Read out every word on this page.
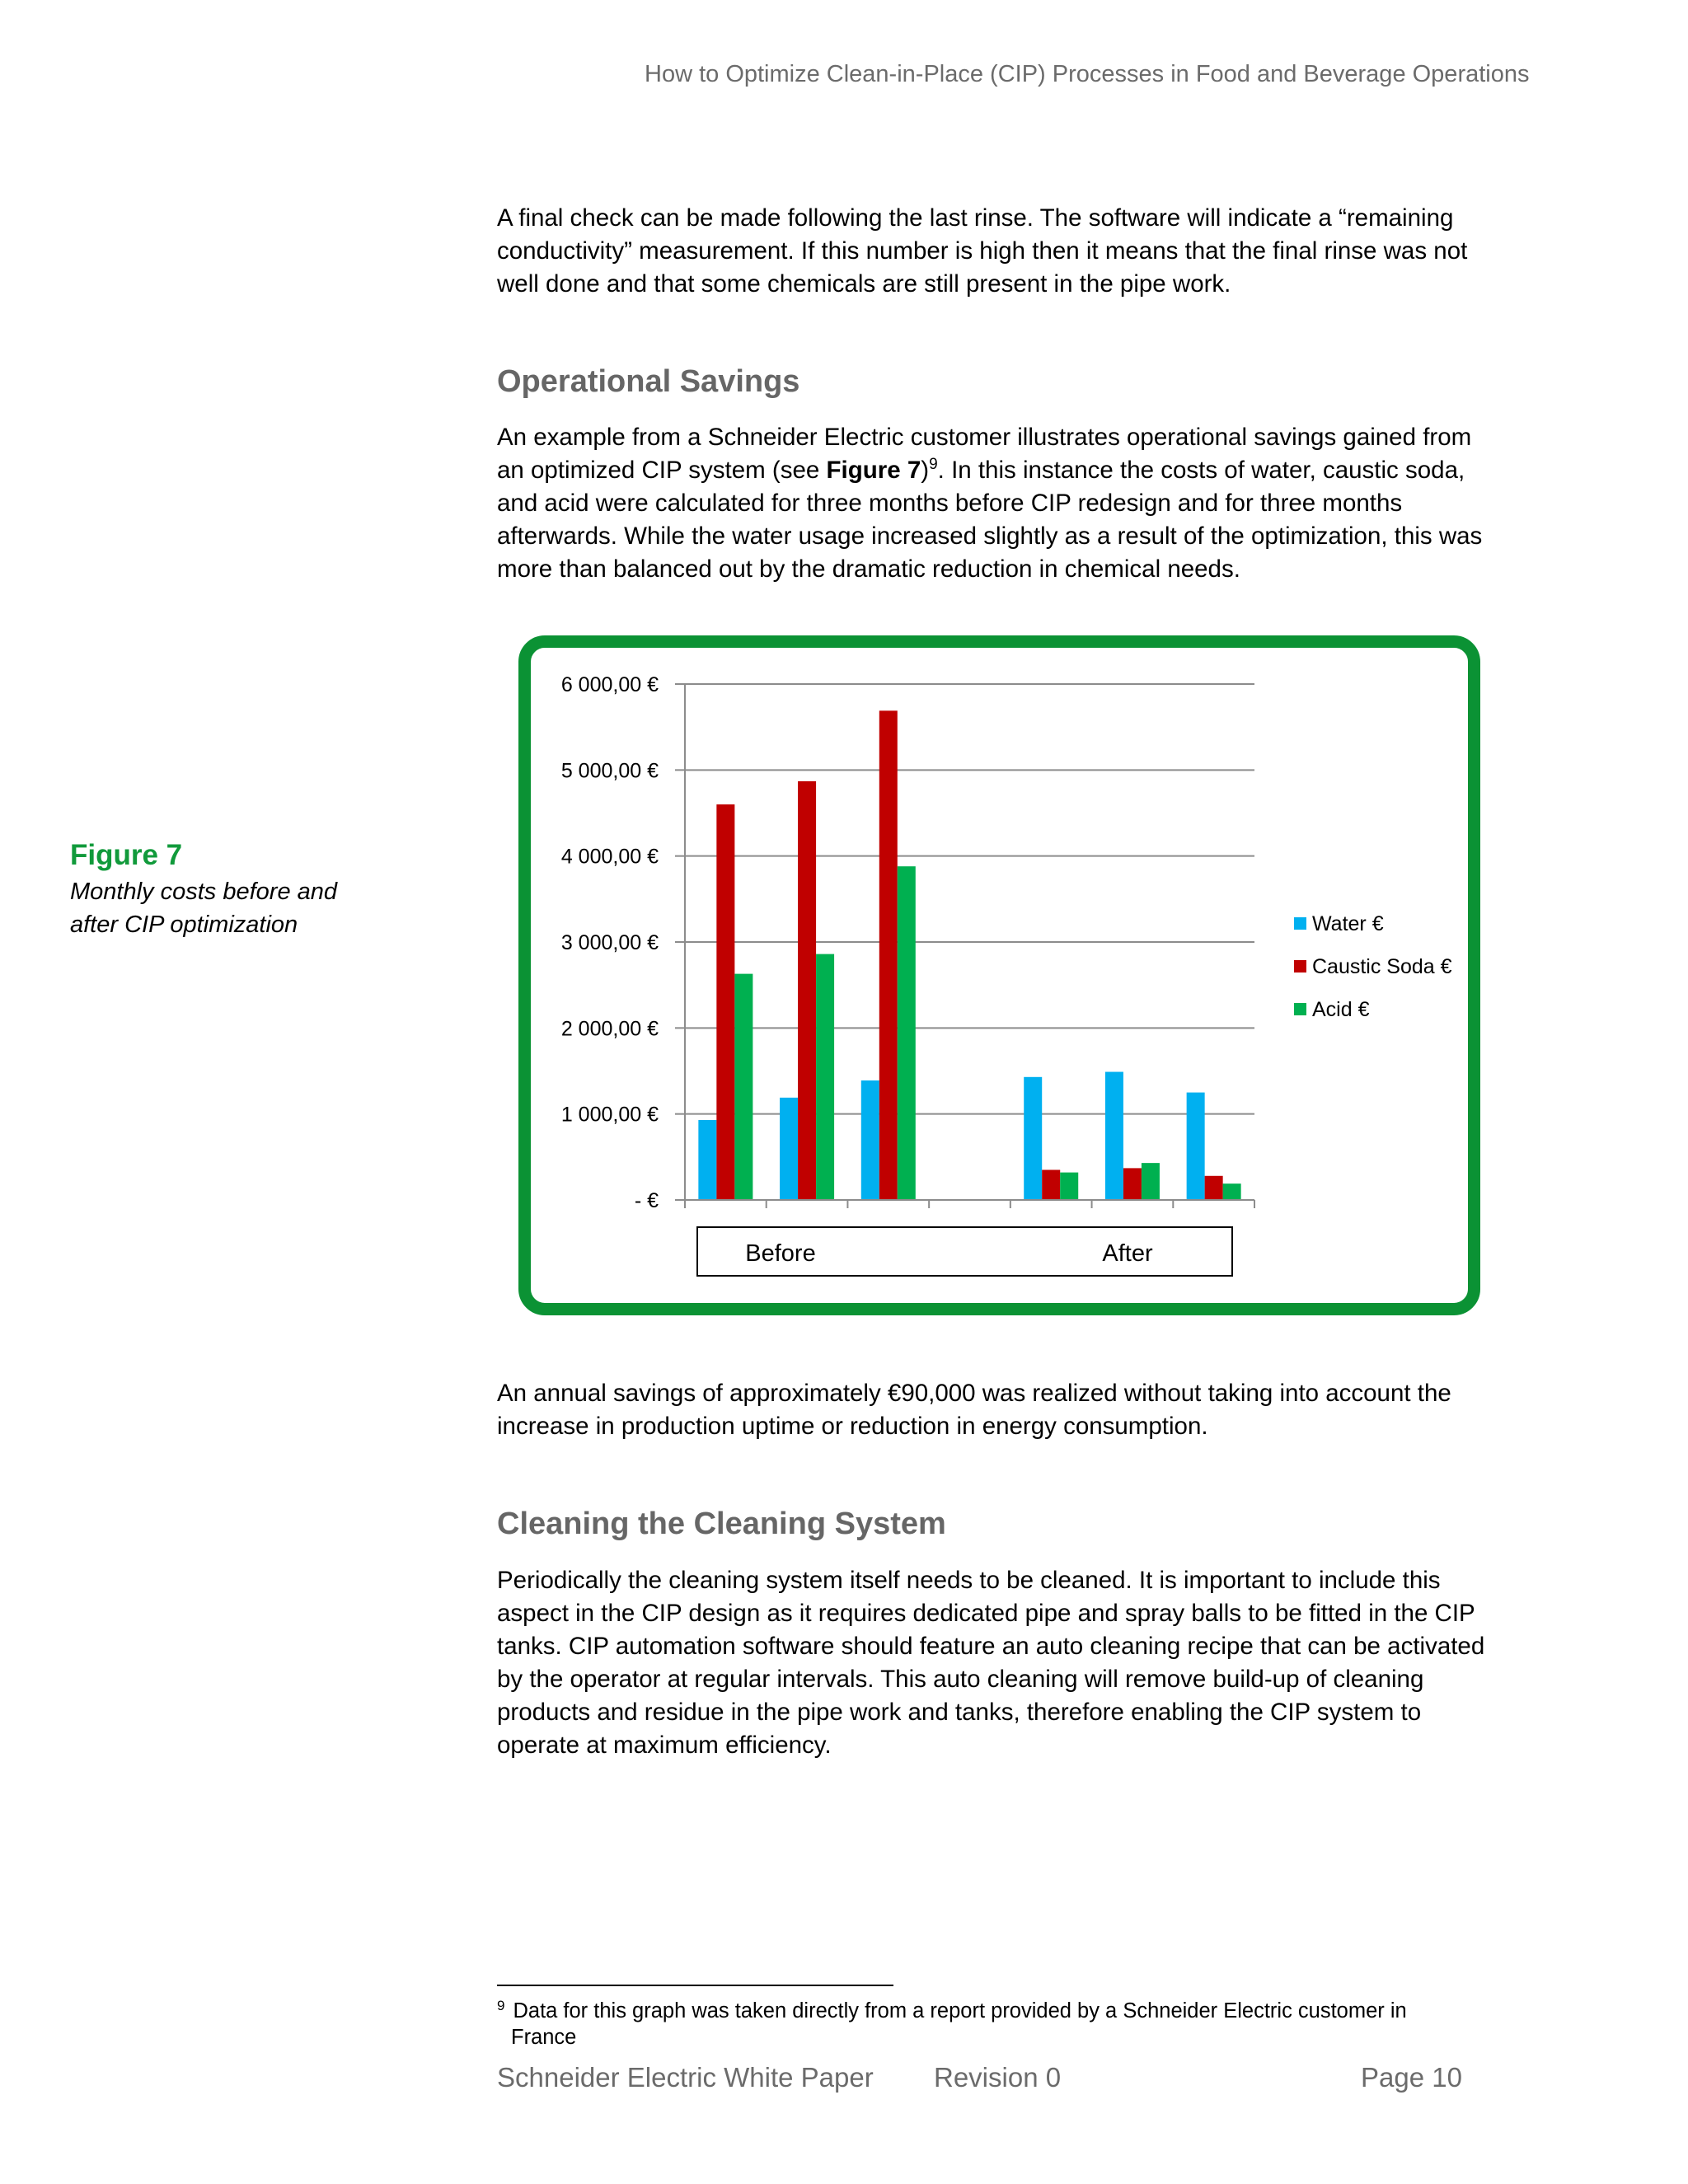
How to Optimize Clean-in-Place (CIP) Processes in Food and Beverage Operations

A final check can be made following the last rinse. The software will indicate a “remaining

conductivity” measurement. If this number is high then it means that the final rinse was not

well done and that some chemicals are still present in the pipe work.

Operational Savings

An example from a Schneider Electric customer illustrates operational savings gained from

an optimized CIP system (see Figure 7)$^9$. In this instance the costs of water, caustic soda,

and acid were calculated for three months before CIP redesign and for three months

afterwards. While the water usage increased slightly as a result of the optimization, this was

more than balanced out by the dramatic reduction in chemical needs.

Figure 7

Monthly costs before and

after CIP optimization

- €
1 000,00 €
2 000,00 €
3 000,00 €
4 000,00 €
5 000,00 €
6 000,00 €
Before	After
Water €
Caustic Soda €
Acid €

An annual savings of approximately €90,000 was realized without taking into account the

increase in production uptime or reduction in energy consumption.

Cleaning the Cleaning System

Periodically the cleaning system itself needs to be cleaned. It is important to include this

aspect in the CIP design as it requires dedicated pipe and spray balls to be fitted in the CIP

tanks. CIP automation software should feature an auto cleaning recipe that can be activated

by the operator at regular intervals. This auto cleaning will remove build-up of cleaning

products and residue in the pipe work and tanks, therefore enabling the CIP system to

operate at maximum efficiency.

$^9$ Data for this graph was taken directly from a report provided by a Schneider Electric customer in
France
Schneider Electric White Paper Revision 0	Page 10
